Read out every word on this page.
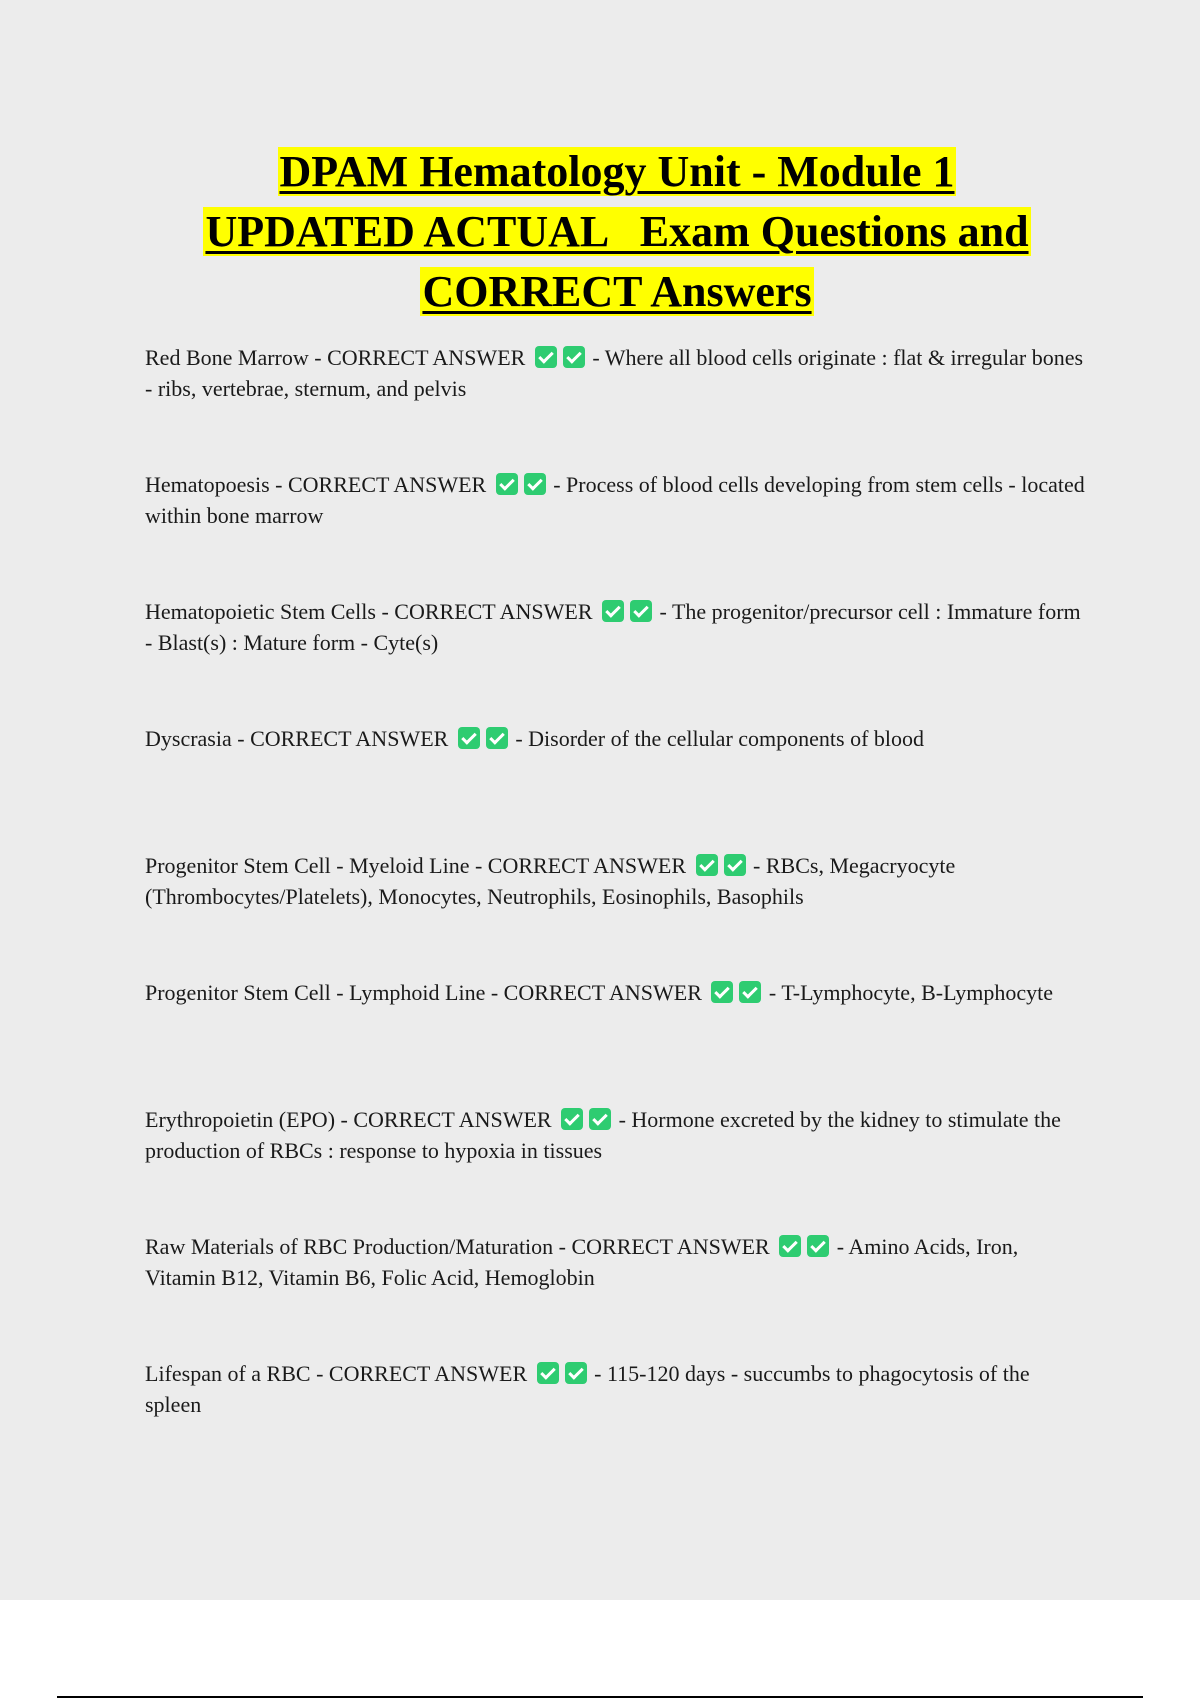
DPAM Hematology Unit - Module 1
UPDATED ACTUAL   Exam Questions and
CORRECT Answers
Red Bone Marrow - CORRECT ANSWER	- Where all blood cells originate : flat & irregular bones - ribs, vertebrae, sternum, and pelvis
Hematopoesis - CORRECT ANSWER	- Process of blood cells developing from stem cells - located within bone marrow
Hematopoietic Stem Cells - CORRECT ANSWER	- The progenitor/precursor cell : Immature form - Blast(s) : Mature form - Cyte(s)
Dyscrasia - CORRECT ANSWER	- Disorder of the cellular components of blood
Progenitor Stem Cell - Myeloid Line - CORRECT ANSWER	- RBCs, Megacryocyte (Thrombocytes/Platelets), Monocytes, Neutrophils, Eosinophils, Basophils
Progenitor Stem Cell - Lymphoid Line - CORRECT ANSWER	- T-Lymphocyte, B-Lymphocyte
Erythropoietin (EPO) - CORRECT ANSWER	- Hormone excreted by the kidney to stimulate the production of RBCs : response to hypoxia in tissues
Raw Materials of RBC Production/Maturation - CORRECT ANSWER	- Amino Acids, Iron, Vitamin B12, Vitamin B6, Folic Acid, Hemoglobin
Lifespan of a RBC - CORRECT ANSWER	- 115-120 days - succumbs to phagocytosis of the spleen
